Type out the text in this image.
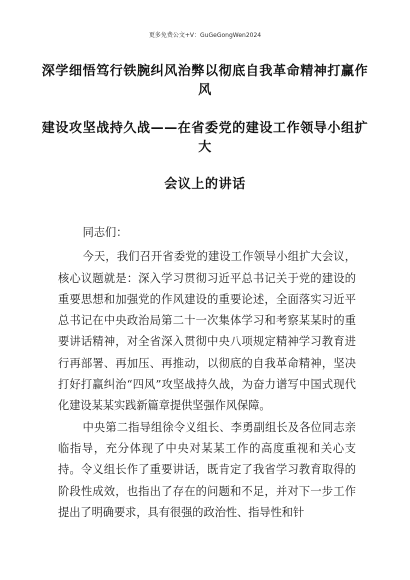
更多免费公文+V：GuGeGongWen2024
深学细悟笃行铁腕纠风治弊以彻底自我革命精神打赢作风
建设攻坚战持久战——在省委党的建设工作领导小组扩大
会议上的讲话

同志们：

今天，我们召开省委党的建设工作领导小组扩大会议，核心议题就是：深入学习贯彻习近平总书记关于党的建设的重要思想和加强党的作风建设的重要论述，全面落实习近平总书记在中央政治局第二十一次集体学习和考察某某时的重要讲话精神，对全省深入贯彻中央八项规定精神学习教育进行再部署、再加压、再推动，以彻底的自我革命精神，坚决打好打赢纠治“四风”攻坚战持久战，为奋力谱写中国式现代化建设某某实践新篇章提供坚强作风保障。

中央第二指导组徐令义组长、李勇副组长及各位同志亲临指导，充分体现了中央对某某工作的高度重视和关心支持。令义组长作了重要讲话，既肯定了我省学习教育取得的阶段性成效，也指出了存在的问题和不足，并对下一步工作提出了明确要求，具有很强的政治性、指导性和针
